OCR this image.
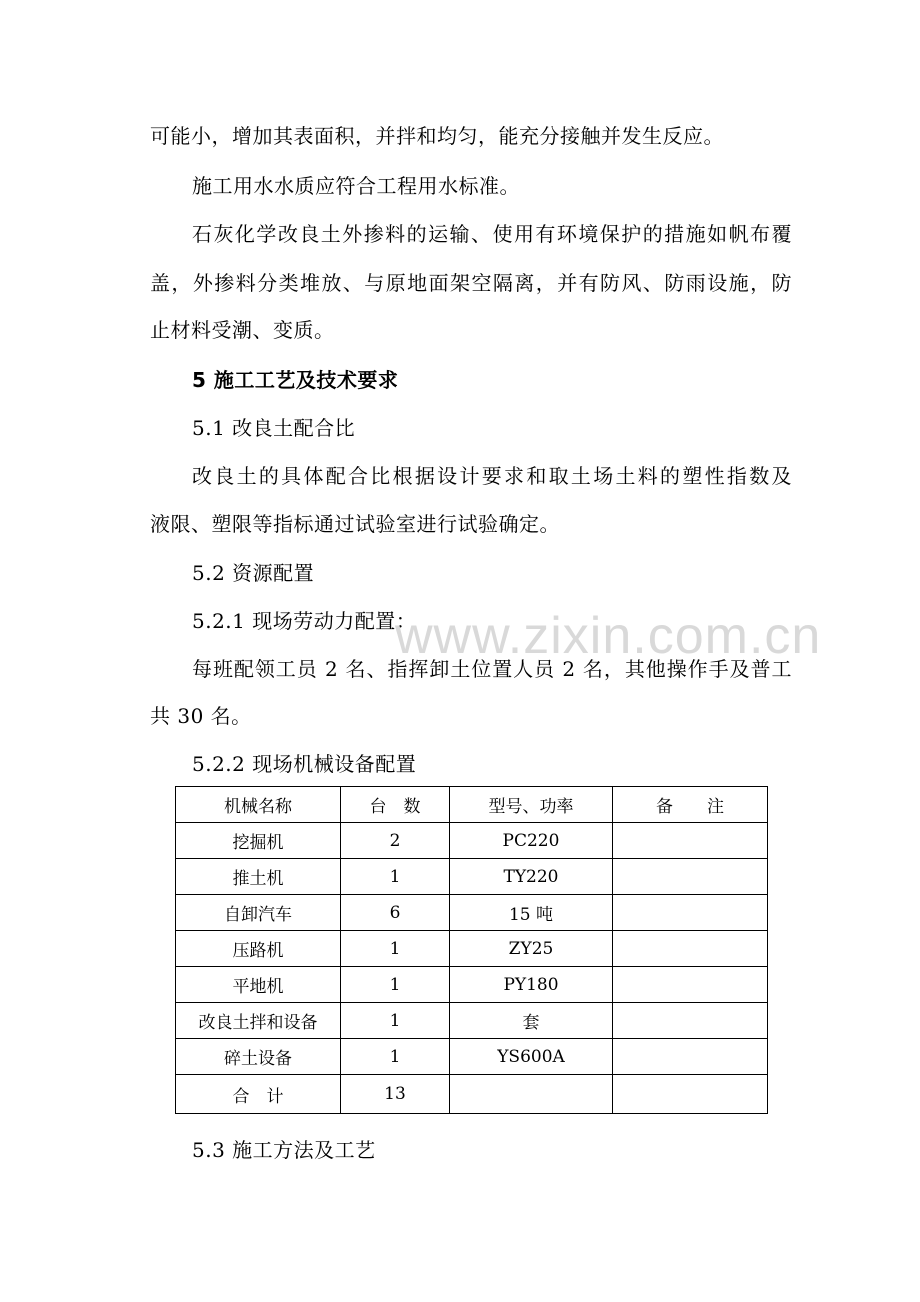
可能小，增加其表面积，并拌和均匀，能充分接触并发生反应。
施工用水水质应符合工程用水标准。
石灰化学改良土外掺料的运输、使用有环境保护的措施如帆布覆
盖，外掺料分类堆放、与原地面架空隔离，并有防风、防雨设施，防
止材料受潮、变质。
5 施工工艺及技术要求
5.1 改良土配合比
改良土的具体配合比根据设计要求和取土场土料的塑性指数及
液限、塑限等指标通过试验室进行试验确定。
5.2 资源配置
5.2.1 现场劳动力配置：
www.zixin.com.cn
每班配领工员 2 名、指挥卸土位置人员 2 名，其他操作手及普工
共 30 名。
5.2.2 现场机械设备配置
机械名称	台　数	型号、功率	备　　注
挖掘机	2	PC220	
推土机	1	TY220	
自卸汽车	6	15 吨	
压路机	1	ZY25	
平地机	1	PY180	
改良土拌和设备	1	套	
碎土设备	1	YS600A	
合　计	13		
5.3 施工方法及工艺
